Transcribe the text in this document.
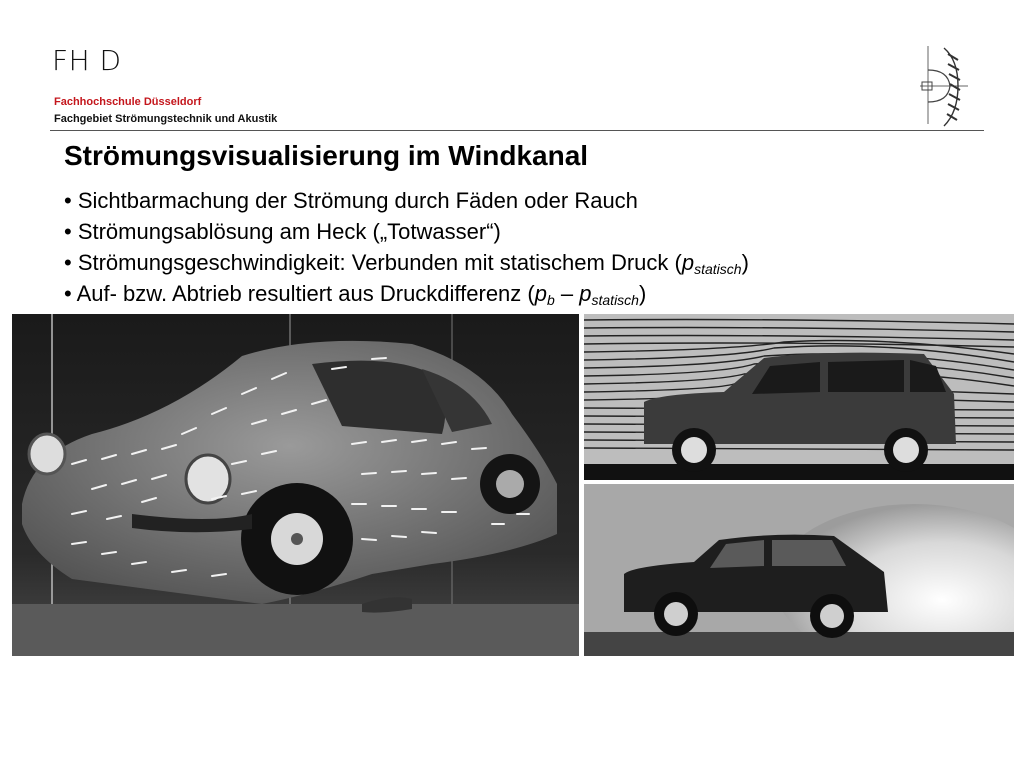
FH D
Fachhochschule Düsseldorf
Fachgebiet Strömungstechnik und Akustik
Strömungsvisualisierung im Windkanal
• Sichtbarmachung der Strömung durch Fäden oder Rauch
• Strömungsablösung am Heck („Totwasser“)
• Strömungsgeschwindigkeit: Verbunden mit statischem Druck $(p_{statisch})$
• Auf- bzw. Abtrieb resultiert aus Druckdifferenz $(p_b - p_{statisch})$
